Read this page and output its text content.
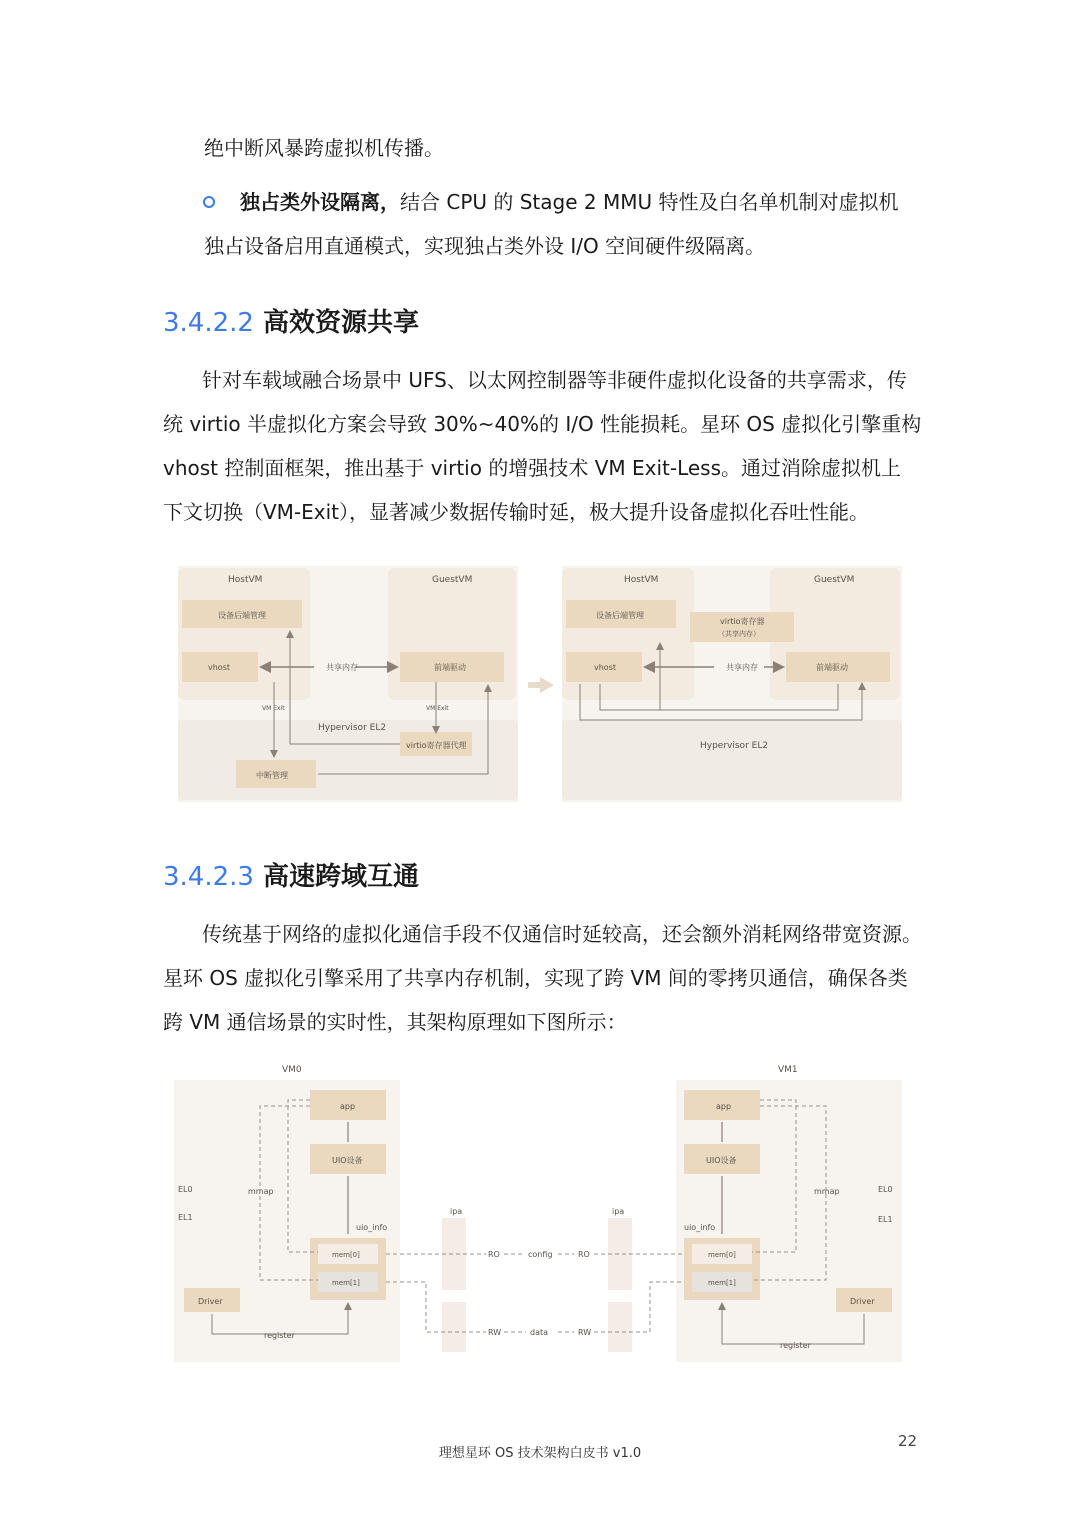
绝中断风暴跨虚拟机传播。
独占类外设隔离，结合 CPU 的 Stage 2 MMU 特性及白名单机制对虚拟机
独占设备启用直通模式，实现独占类外设 I/O 空间硬件级隔离。
3.4.2.2 高效资源共享
针对车载域融合场景中 UFS、以太网控制器等非硬件虚拟化设备的共享需求，传
统 virtio 半虚拟化方案会导致 30%~40%的 I/O 性能损耗。星环 OS 虚拟化引擎重构
vhost 控制面框架，推出基于 virtio 的增强技术 VM Exit-Less。通过消除虚拟机上
下文切换（VM-Exit），显著减少数据传输时延，极大提升设备虚拟化吞吐性能。
HostVM	GuestVM
设备后端管理
vhost	前端驱动
共享内存
VM Exit	VM Exit
Hypervisor EL2
virtio寄存器代理
中断管理
HostVM	GuestVM
设备后端管理
virtio寄存器
（共享内存）
vhost	前端驱动
共享内存
Hypervisor EL2
3.4.2.3 高速跨域互通
传统基于网络的虚拟化通信手段不仅通信时延较高，还会额外消耗网络带宽资源。
星环 OS 虚拟化引擎采用了共享内存机制，实现了跨 VM 间的零拷贝通信，确保各类
跨 VM 通信场景的实时性，其架构原理如下图所示：
VM0	VM1
app
UIO设备
EL0
EL1
mmap
uio_info
mem[0]
mem[1]
Driver
register
ipa	ipa
RO	config	RO
RW	data	RW
app
UIO设备
EL0
EL1
mmap
uio_info
mem[0]
mem[1]
Driver
register
理想星环 OS 技术架构白皮书 v1.0
22
